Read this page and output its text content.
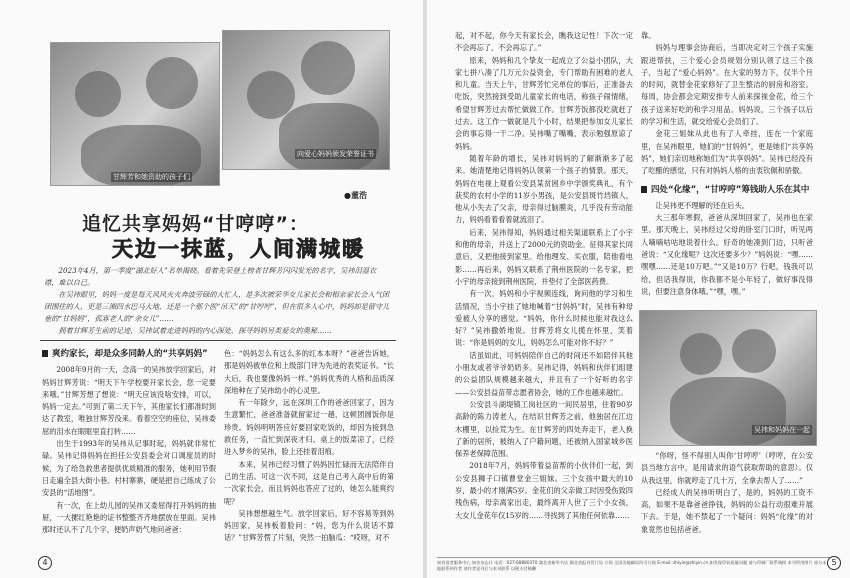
甘辉芳和她资助的孩子们
向爱心妈妈颁发荣誉证书
●董浩
追忆共享妈妈“甘哼哼”：
天边一抹蓝，人间满城暖

2023年4月，第一季度“湖北好人”名单揭晓。看着先荣登上榜者甘辉芳闪闪发光的名字，吴祎泪湿衣襟，难以自已。

在吴祎眼里，妈妈一度是每天风风火火奔波劳碌的大忙人，是多次被荣华女儿家长会和相亲家长会入气团团围住的人，更是三湘四水巴马大地，还是一个那个医“吊天”的“甘哼哼”，但在很多人心中，妈妈却是留守儿童的“甘妈妈”，孤寡老人的“余女儿”……

拥着甘辉芳生前的足迹，吴祎试着走进妈妈的内心深处，探寻妈妈另类爱女的奥秘……

爽约家长，却是众多同龄人的“共享妈妈”

2008年9月的一天，念高一的吴祎放学回家后，对妈妈甘辉芳说：“明天下午学校要开家长会，您一定要来哦。”甘辉芳想了想说：“明天应该没啥安排，可以，妈妈一定去。”可到了第二天下午，其他家长们都准时到达了教室，唯独甘辉芳没来。看着空空的座位，吴祎委屈的泪水在眼眶里直打转……

出生于1993年的吴祎从记事时起，妈妈就非常忙碌。吴祎记得妈妈在担任公安县委会对口调度员的时候，为了给急救患者提供优质精准的服务，她利用节假日走遍全县大街小巷、村村寨寨，硬是把自己练成了公安县的“活地图”。

有一次，在上幼儿园的吴祎又委屈得打开妈妈的抽屉，一大摞红艳艳的证书整整齐齐地摆放在里面。吴祎那时还认不了几个字，便奶声奶气地问爸爸：

色：“妈妈怎么有这么多的红本本呀？”爸爸告诉她，那是妈妈被单位和上级部门评为先进的表奖证书。“长大后，我也要像妈妈一样。”妈妈优秀的人格和品质深深地种在了吴祎幼小的心灵里。

有一年除夕，远在深圳工作的爸爸回家了，因为生意繁忙，爸爸准备就留家过一趟，这顿团圆饭你是珍贵。妈妈明明答应好要回家吃饭的，却因为接到急救任务，一直忙到深夜才归。桌上的饭菜凉了，已经进入梦乡的吴祎，脸上还挂着泪痕。

本来，吴祎已经习惯了妈妈因忙碌而无法陪伴自己的生活。可这一次不同，这是自己考入高中后的第一次家长会，而且妈妈也答应了过的，她怎么能爽约呢？

吴祎想想越生气。放学回家后，好不容易等到妈妈回家，吴祎板着脸问：“妈，您为什么说话不算话？”甘辉芳愣了片刻，突然一拍脑瓜：“哎呀，对不

4

起，对不起，你今天有家长会，瞧我这记性！下次一定不会再忘了，不会再忘了。”

原来，妈妈和几个挚友一起成立了公益小团队，大家七拼八凑了几万元公益资金，专门帮助有困难的老人和儿童。当天上午，甘辉芳忙完单位的事后，正准备去吃饭，突然接到受助儿童家长的电话，称孩子闹情绪，希望甘辉芳过去帮忙做做工作。甘辉芳饭都没吃就赶了过去。这工作一做就是几个小时，结果把参加女儿家长会的事忘得一干二净。吴祎嘴了嘴嘴，表示勉强原谅了妈妈。

随着年龄的增长，吴祎对妈妈的了解渐渐多了起来。她清楚地记得妈妈认领第一个孩子的情景。那天，妈妈在电视上观看公安县某贫困乡中学颁奖典礼，有个获奖的农村小学的11岁小男孩，是公安县斑竹垱镇人，他从小失去了父亲，母亲得过脑膜炎，几乎没有劳动能力，妈妈看着看着就流泪了。

后来，吴祎得知，妈妈通过相关渠道联系上了小宇和他的母亲，并送上了2000元的资助金。征得其家长同意后，又把他接到家里。给他理发、买衣服，陪他看电影……再后来，妈妈又联系了荆州医院的一名专家，把小宇的母亲接到荆州医院，并垫付了全部医药费。

有一次，妈妈和小宇视频连线，询问他的学习和生活情况，当小宇挂了她地喊着“甘妈妈”时，吴祎有种母爱被人分享的感觉。“妈妈，你什么时候也能对我这么好？”吴祎撒娇地说。甘辉芳将女儿揽在怀里，笑着说：“你是妈妈的女儿，妈妈怎么可能对你不好？”

话虽如此，可妈妈陪伴自己的时间还不如陪伴其他小朋友或者爷爷奶奶多。吴祎记得，妈妈和伙伴们组建的公益团队规模越来越大，并且有了一个好听的名字——公安县益苗带志愿者协会，她的工作也越来越忙。

公安县斗湖堤镇工岗社区的一间民居里，住着90岁高龄的陈力涛老人，在结识甘辉芳之前，他独居在江边木棚里，以捡荒为生。在甘辉芳的四处奔走下，老人换了新的居所，被纳入了户籍问题，还被纳入国家城乡医保养老保障范围。

2018年7月，妈妈带着益苗帮的小伙伴们一起，到公安县狮子口镇曹堂金三姐妹。三个女孩中最大的10岁，最小的才刚满5岁。金花们的父亲做工时因受伤致四残伤病，母亲离家出走，最终离开人世了三个小女孩，大女儿金花年仅15岁的……寻找到了其他任何依靠……

靠。

妈妈与理事会协商后，当即决定对三个孩子实施跟进帮扶，三个爱心会员规划分别认领了这三个孩子，当起了“爱心妈妈”。在大家的努力下，仅半个月的时间，就替金花家修好了卫生整洁的厨房和浴室。每周，协会都会定期安排专人前来探视金花，给三个孩子送来好吃的和学习用品。妈妈说，三个孩子以后的学习和生活，就交给爱心会员们了。

金花三姐妹从此也有了人牵挂，连在一个家庭里，在吴祎眼里，她们的“甘妈妈”，更是她们“共享妈妈”，她们亲切地称她们为“共享妈妈”。吴祎已经没有了吃醋的感觉，只有对妈妈人格的由衷钦佩和骄傲。

四处“化缘”，“甘哼哼”筹钱助人乐在其中

让吴祎更不理解的还在后头。

大三那年寒假，爸爸从深圳回家了，吴祎也在家里。那天晚上，吴祎经过父母的卧室门口时，听见两人嘀嘀咕咕地说着什么。好奇的她凑到门边，只听爸爸说：“又化缘呢？这次还要多少？”妈妈说：“嘿……嘿嘿……还是10万吧。”“又是10万？行吧，钱我可以给，但话我得说，你我都不是小年轻了，做好事没得说，但要注意身体哦。”“嘿，嘿。”

吴祎和妈妈在一起

“你呀，怪不得别人叫你‘甘哼哼’（哼哼，在公安县当地方言中，是用请求的语气获取帮助的意思）。仅从我这里，你就哼走了几十万，全拿去帮人了……”

已经成人的吴祎听明白了，是的，妈妈的工资不高，如果不是靠爸爸挣钱，妈妈的公益行动很难开展下去。于是，她不禁起了一个疑问：妈妈“化缘”的对象竟然也包括爸爸。

知音读者服务中心 知音杂志社 电话：027-68880370 湖北省新华书店 湖北省报刊发行局 订阅 全国各地邮局均可订阅 E-mail: zhiyin@zhiyin.cn 如发现印装质量问题 请与印刷厂联系调换 本刊所用图片 部分未能联系到作者 请作者见刊后与本刊联系 以便支付稿酬
5
